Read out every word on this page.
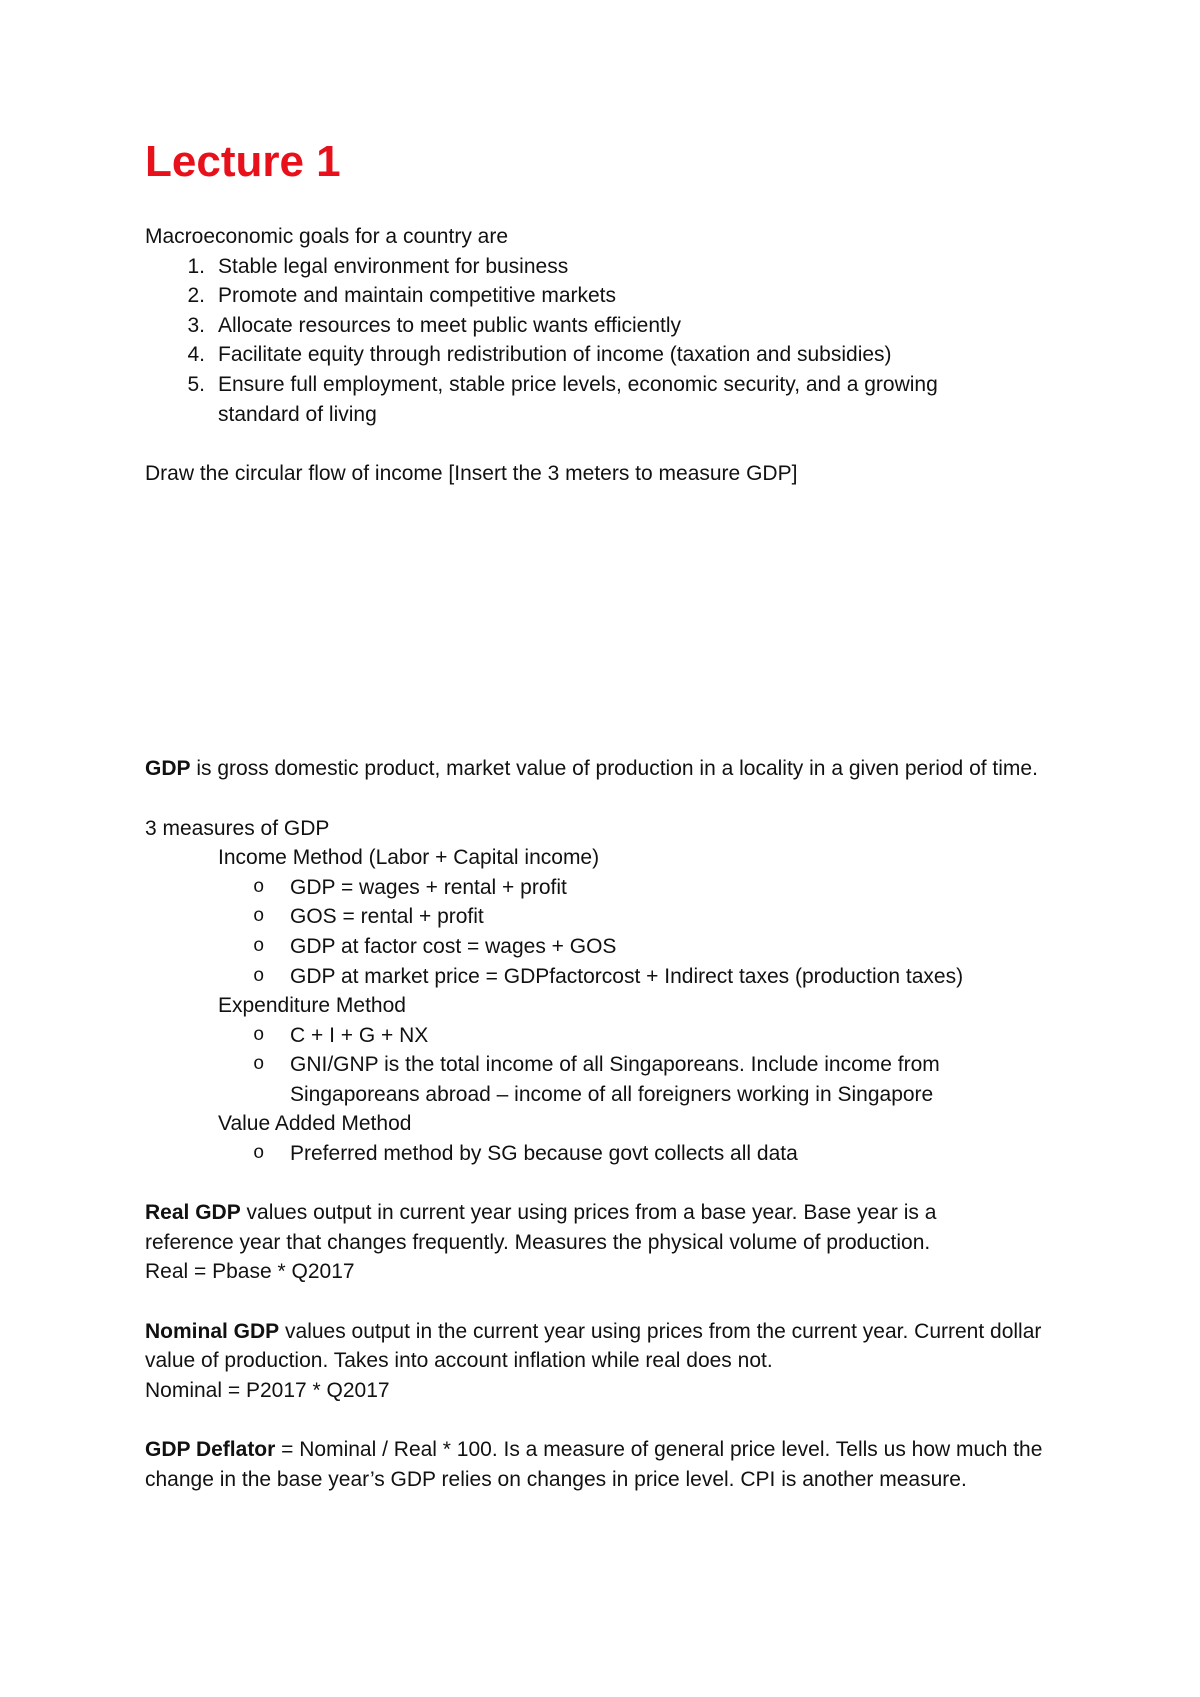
Lecture 1

Macroeconomic goals for a country are

1. Stable legal environment for business
2. Promote and maintain competitive markets
3. Allocate resources to meet public wants efficiently
4. Facilitate equity through redistribution of income (taxation and subsidies)
5. Ensure full employment, stable price levels, economic security, and a growing standard of living

Draw the circular flow of income [Insert the 3 meters to measure GDP]

GDP is gross domestic product, market value of production in a locality in a given period of time.

3 measures of GDP

Income Method (Labor + Capital income)
o GDP = wages + rental + profit
o GOS = rental + profit
o GDP at factor cost = wages + GOS
o GDP at market price = GDPfactorcost + Indirect taxes (production taxes)
Expenditure Method
o C + I + G + NX
o GNI/GNP is the total income of all Singaporeans. Include income from Singaporeans abroad – income of all foreigners working in Singapore
Value Added Method
o Preferred method by SG because govt collects all data

Real GDP values output in current year using prices from a base year. Base year is a reference year that changes frequently. Measures the physical volume of production.

Real = Pbase * Q2017

Nominal GDP values output in the current year using prices from the current year. Current dollar value of production. Takes into account inflation while real does not.

Nominal = P2017 * Q2017

GDP Deflator = Nominal / Real * 100. Is a measure of general price level. Tells us how much the change in the base year’s GDP relies on changes in price level. CPI is another measure.
